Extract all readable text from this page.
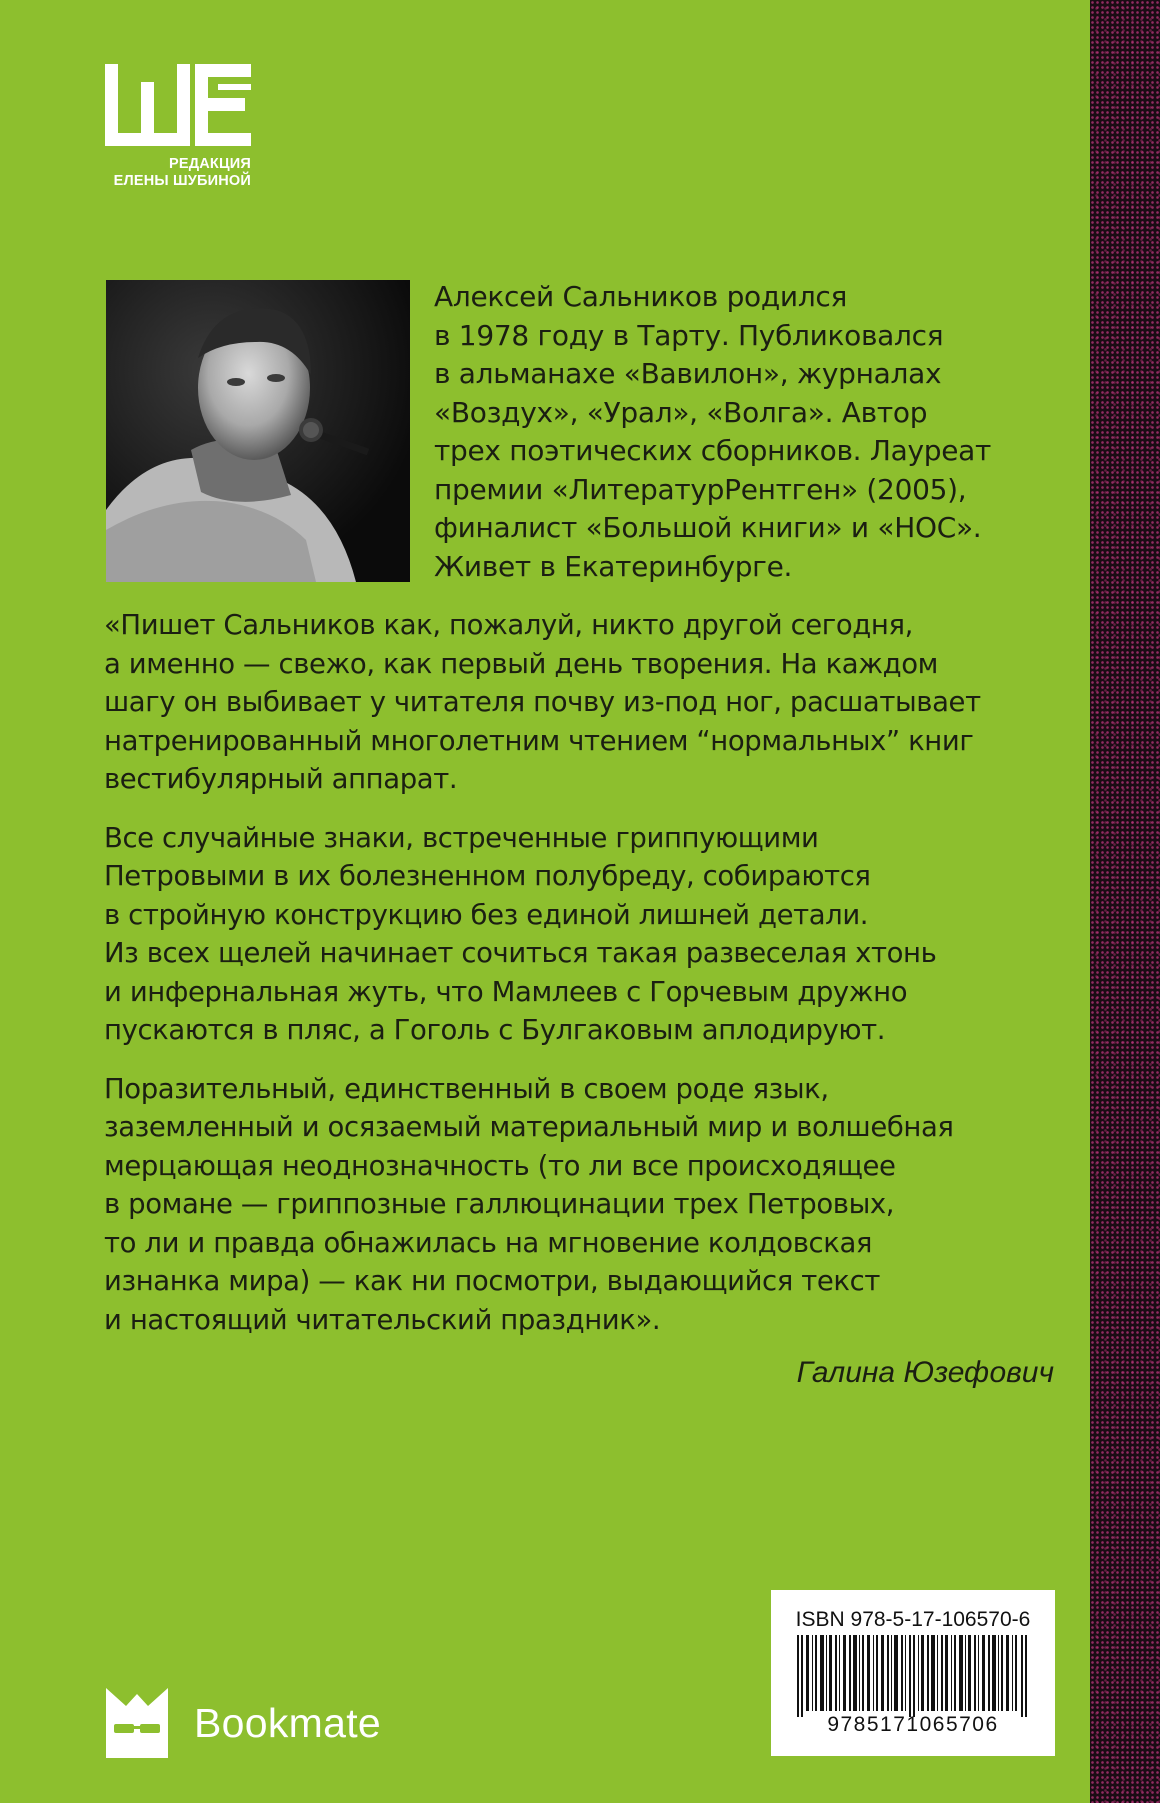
РЕДАКЦИЯ
ЕЛЕНЫ ШУБИНОЙ
Алексей Сальников родился
в 1978 году в Тарту. Публиковался
в альманахе «Вавилон», журналах
«Воздух», «Урал», «Волга». Автор
трех поэтических сборников. Лауреат
премии «ЛитературРентген» (2005),
финалист «Большой книги» и «НОС».
Живет в Екатеринбурге.

«Пишет Сальников как, пожалуй, никто другой сегодня,
а именно — свежо, как первый день творения. На каждом
шагу он выбивает у читателя почву из-под ног, расшатывает
натренированный многолетним чтением “нормальных” книг
вестибулярный аппарат.

Все случайные знаки, встреченные гриппующими
Петровыми в их болезненном полубреду, собираются
в стройную конструкцию без единой лишней детали.
Из всех щелей начинает сочиться такая развеселая хтонь
и инфернальная жуть, что Мамлеев с Горчевым дружно
пускаются в пляс, а Гоголь с Булгаковым аплодируют.

Поразительный, единственный в своем роде язык,
заземленный и осязаемый материальный мир и волшебная
мерцающая неоднозначность (то ли все происходящее
в романе — гриппозные галлюцинации трех Петровых,
то ли и правда обнажилась на мгновение колдовская
изнанка мира) — как ни посмотри, выдающийся текст
и настоящий читательский праздник».

Галина Юзефович
Bookmate
ISBN 978-5-17-106570-6
9785171065706
